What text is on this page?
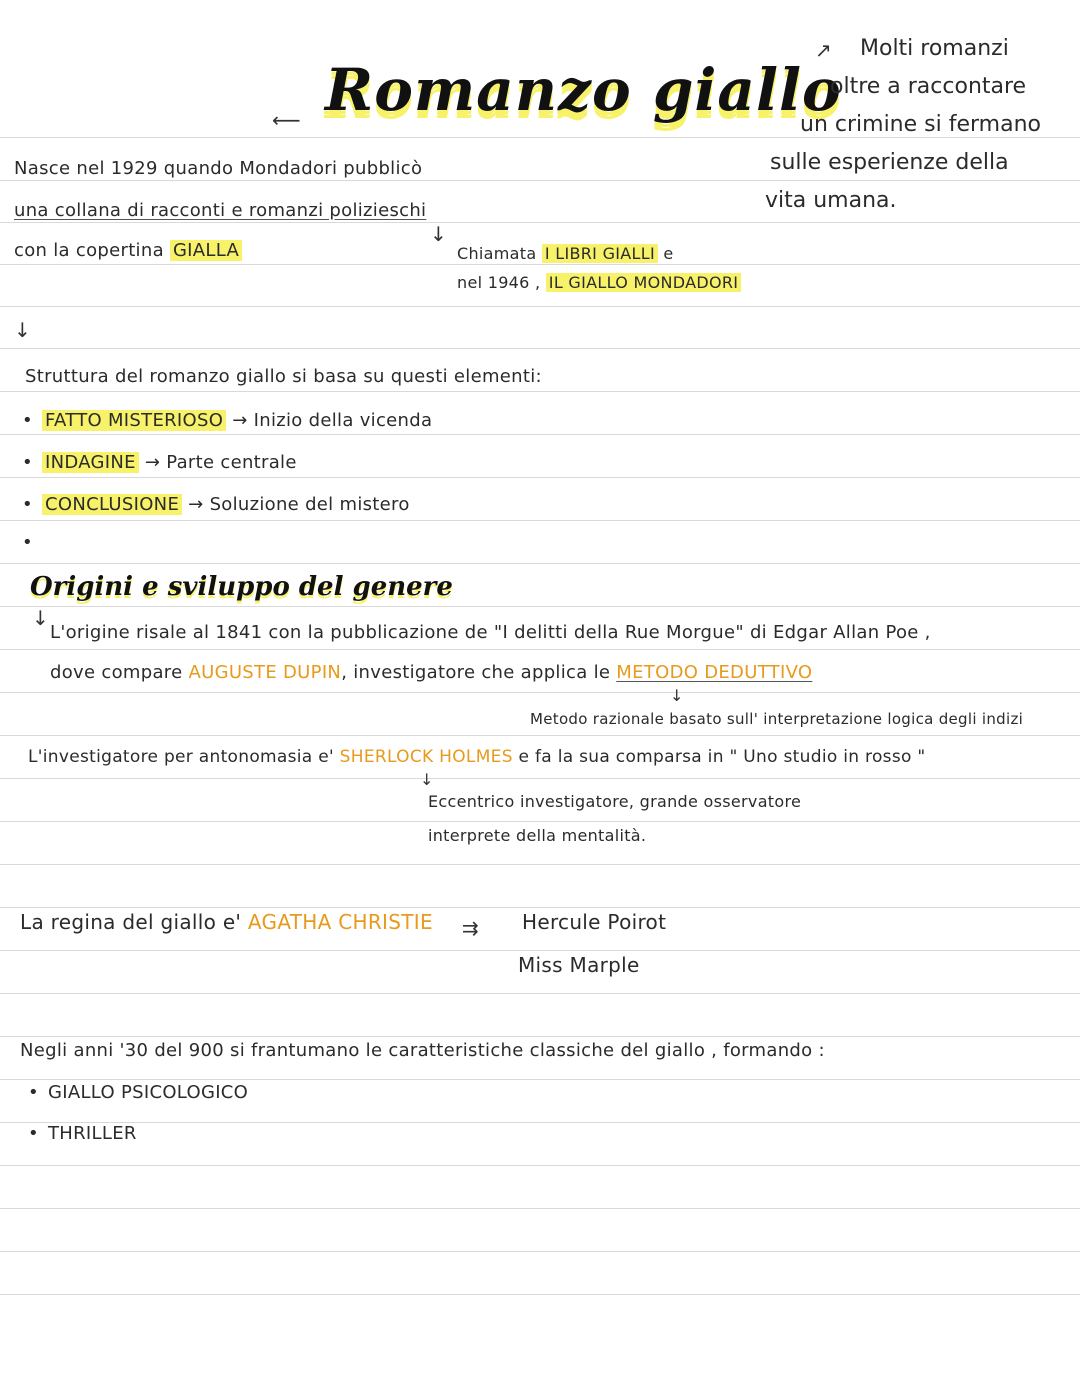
⟵ Romanzo giallo
↗	Molti romanzi
oltre a raccontare
un crimine si fermano
sulle esperienze della
vita umana.
Nasce nel 1929 quando Mondadori pubblicò
una collana di racconti e romanzi polizieschi
con la copertina GIALLA
↓
Chiamata I LIBRI GIALLI e
nel 1946 , IL GIALLO MONDADORI
↓
Struttura del romanzo giallo si basa su questi elementi:
• FATTO MISTERIOSO → Inizio della vicenda
• INDAGINE → Parte centrale
• CONCLUSIONE → Soluzione del mistero
•
Origini e sviluppo del genere
↓
L'origine risale al 1841 con la pubblicazione de "I delitti della Rue Morgue" di Edgar Allan Poe ,
dove compare AUGUSTE DUPIN, investigatore che applica le METODO DEDUTTIVO
↓
Metodo razionale basato sull' interpretazione logica degli indizi
L'investigatore per antonomasia e' SHERLOCK HOLMES e fa la sua comparsa in " Uno studio in rosso "
↓
Eccentrico investigatore, grande osservatore
interprete della mentalità.
La regina del giallo e' AGATHA CHRISTIE ⇉ Hercule Poirot
Miss Marple
Negli anni '30 del 900 si frantumano le caratteristiche classiche del giallo , formando :
• GIALLO PSICOLOGICO
• THRILLER
